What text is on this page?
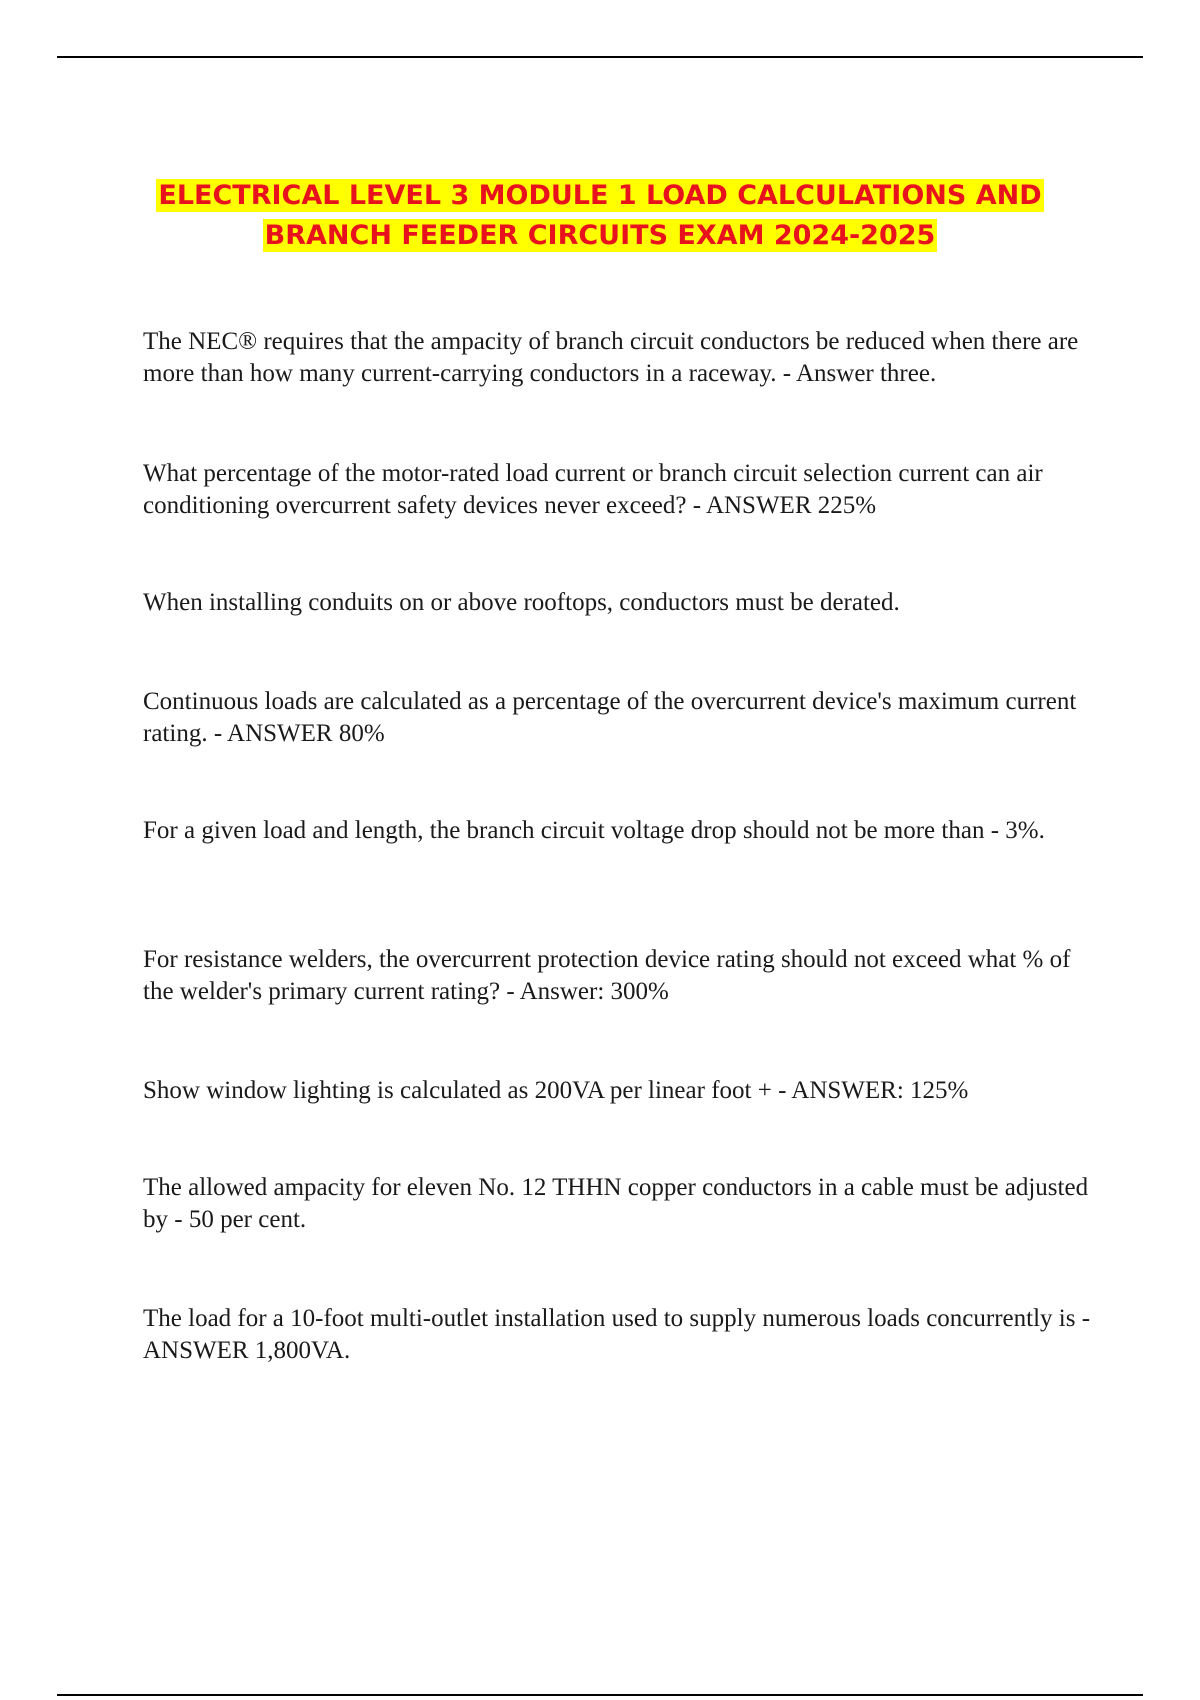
ELECTRICAL LEVEL 3 MODULE 1 LOAD CALCULATIONS AND
BRANCH FEEDER CIRCUITS EXAM 2024-2025

The NEC® requires that the ampacity of branch circuit conductors be reduced when there are more than how many current-carrying conductors in a raceway. - Answer three.

What percentage of the motor-rated load current or branch circuit selection current can air conditioning overcurrent safety devices never exceed? - ANSWER 225%

When installing conduits on or above rooftops, conductors must be derated.

Continuous loads are calculated as a percentage of the overcurrent device's maximum current rating. - ANSWER 80%

For a given load and length, the branch circuit voltage drop should not be more than - 3%.

For resistance welders, the overcurrent protection device rating should not exceed what % of the welder's primary current rating? - Answer: 300%

Show window lighting is calculated as 200VA per linear foot + - ANSWER: 125%

The allowed ampacity for eleven No. 12 THHN copper conductors in a cable must be adjusted by - 50 per cent.

The load for a 10-foot multi-outlet installation used to supply numerous loads concurrently is - ANSWER 1,800VA.
